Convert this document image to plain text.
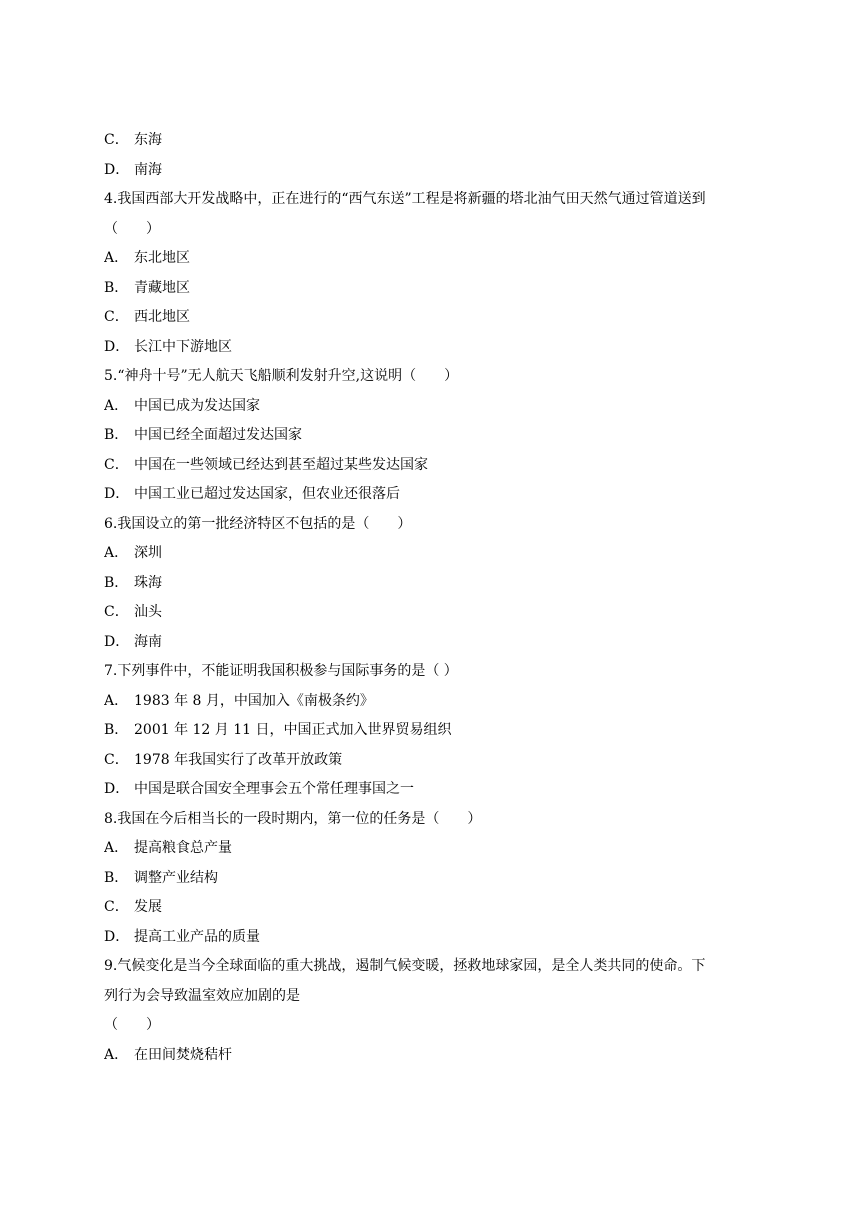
C． 东海
D． 南海
4.我国西部大开发战略中，正在进行的“西气东送”工程是将新疆的塔北油气田天然气通过管道送到
（　　）
A． 东北地区
B． 青藏地区
C． 西北地区
D． 长江中下游地区
5.“神舟十号”无人航天飞船顺利发射升空,这说明（　　）
A． 中国已成为发达国家
B． 中国已经全面超过发达国家
C． 中国在一些领域已经达到甚至超过某些发达国家
D． 中国工业已超过发达国家，但农业还很落后
6.我国设立的第一批经济特区不包括的是（　　）
A． 深圳
B． 珠海
C． 汕头
D． 海南
7.下列事件中，不能证明我国积极参与国际事务的是（ ）
A． 1983 年 8 月，中国加入《南极条约》
B． 2001 年 12 月 11 日，中国正式加入世界贸易组织
C． 1978 年我国实行了改革开放政策
D． 中国是联合国安全理事会五个常任理事国之一
8.我国在今后相当长的一段时期内，第一位的任务是（　　）
A． 提高粮食总产量
B． 调整产业结构
C． 发展
D． 提高工业产品的质量
9.气候变化是当今全球面临的重大挑战，遏制气候变暖，拯救地球家园，是全人类共同的使命。下
列行为会导致温室效应加剧的是
（　　）
A． 在田间焚烧秸杆
